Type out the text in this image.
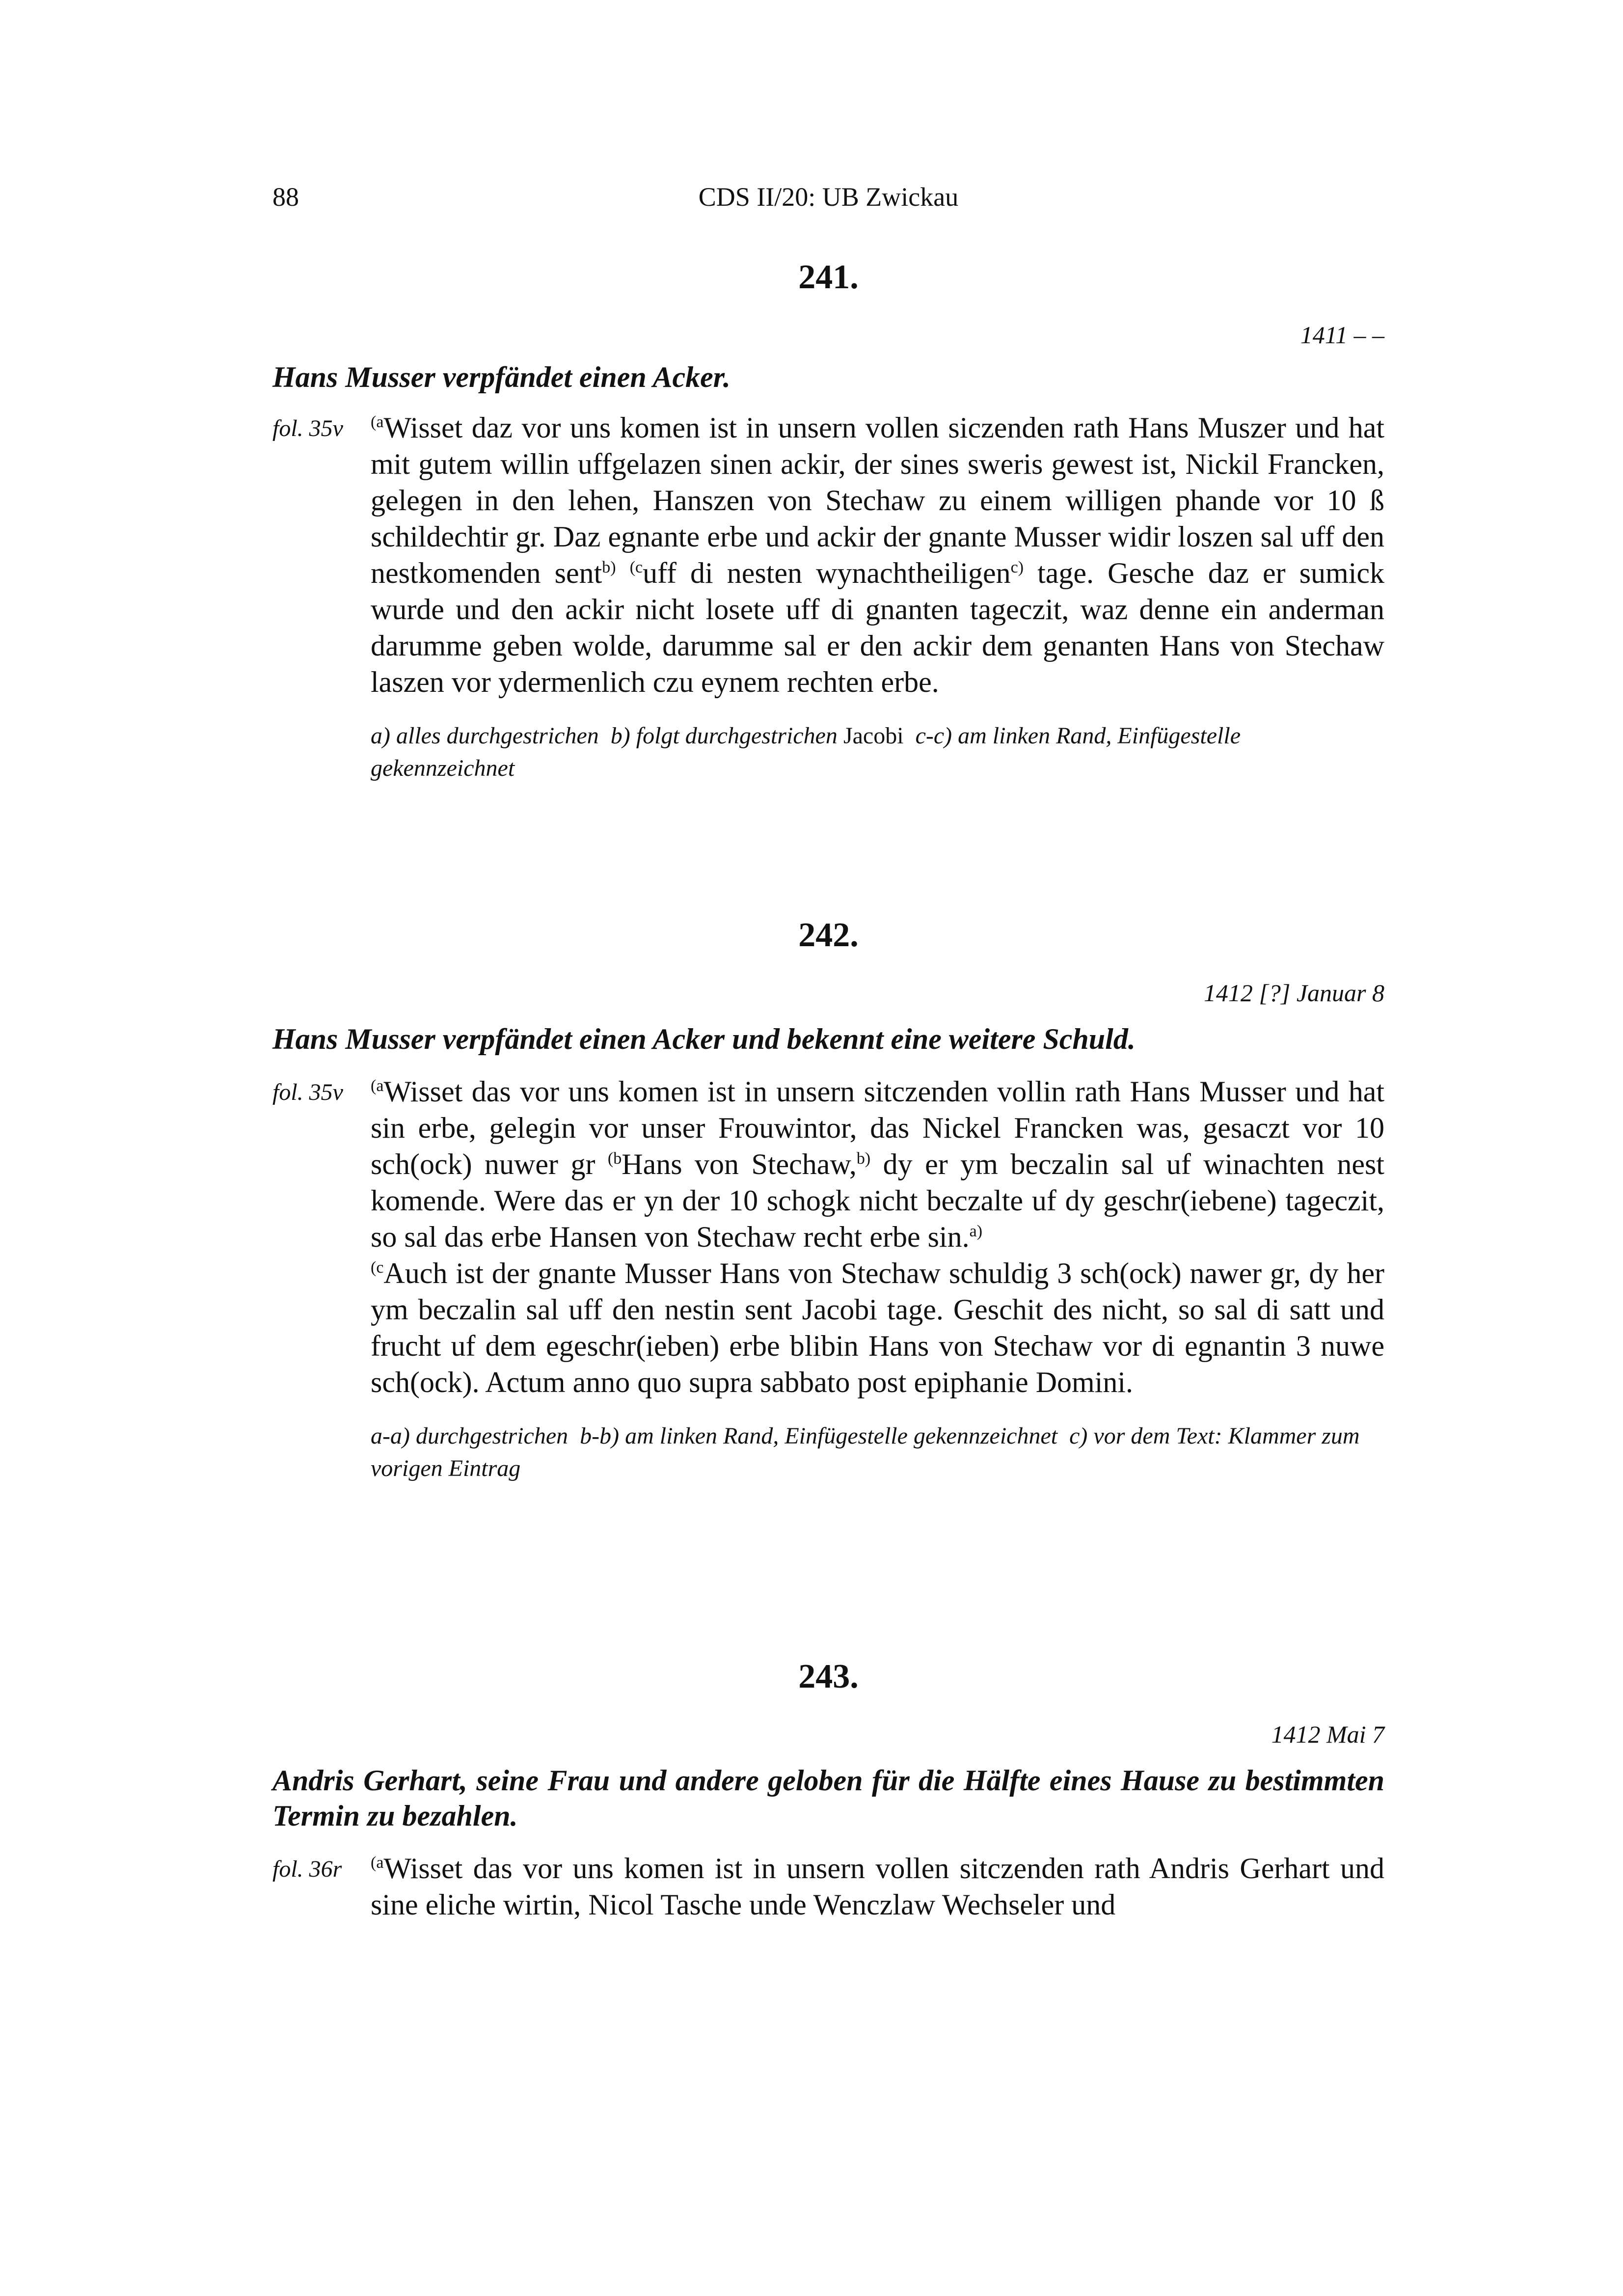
88	CDS II/20: UB Zwickau
241.

1411 – –

Hans Musser verpfändet einen Acker.
fol. 35v $^{(a}$Wisset daz vor uns komen ist in unsern vollen siczenden rath Hans Muszer und hat mit gutem willin uffgelazen sinen ackir, der sines sweris gewest ist, Nickil Francken, gelegen in den lehen, Hanszen von Stechaw zu einem willigen phande vor 10 ß schildechtir gr. Daz egnante erbe und ackir der gnante Musser widir loszen sal uff den nestkomenden sent$^{b)}$ $^{(c}$uff di nesten wynachtheiligen$^{c)}$ tage. Gesche daz er sumick wurde und den ackir nicht losete uff di gnanten tageczit, waz denne ein anderman darumme geben wolde, darumme sal er den ackir dem genanten Hans von Stechaw laszen vor ydermenlich czu eynem rechten erbe.

a) alles durchgestrichen  b) folgt durchgestrichen Jacobi  c-c) am linken Rand, Einfügestelle gekennzeichnet

242.

1412 [?] Januar 8

Hans Musser verpfändet einen Acker und bekennt eine weitere Schuld.
fol. 35v $^{(a}$Wisset das vor uns komen ist in unsern sitczenden vollin rath Hans Musser und hat sin erbe, gelegin vor unser Frouwintor, das Nickel Francken was, gesaczt vor 10 sch(ock) nuwer gr $^{(b}$Hans von Stechaw,$^{b)}$ dy er ym beczalin sal uf winachten nest komende. Were das er yn der 10 schogk nicht beczalte uf dy geschr(iebene) tageczit, so sal das erbe Hansen von Stechaw recht erbe sin.$^{a)}$
$^{(c}$Auch ist der gnante Musser Hans von Stechaw schuldig 3 sch(ock) nawer gr, dy her ym beczalin sal uff den nestin sent Jacobi tage. Geschit des nicht, so sal di satt und frucht uf dem egeschr(ieben) erbe blibin Hans von Stechaw vor di egnantin 3 nuwe sch(ock). Actum anno quo supra sabbato post epiphanie Domini.

a-a) durchgestrichen  b-b) am linken Rand, Einfügestelle gekennzeichnet  c) vor dem Text: Klammer zum vorigen Eintrag

243.

1412 Mai 7

Andris Gerhart, seine Frau und andere geloben für die Hälfte eines Hause zu bestimmten Termin zu bezahlen.
fol. 36r $^{(a}$Wisset das vor uns komen ist in unsern vollen sitczenden rath Andris Gerhart und sine eliche wirtin, Nicol Tasche unde Wenczlaw Wechseler und
